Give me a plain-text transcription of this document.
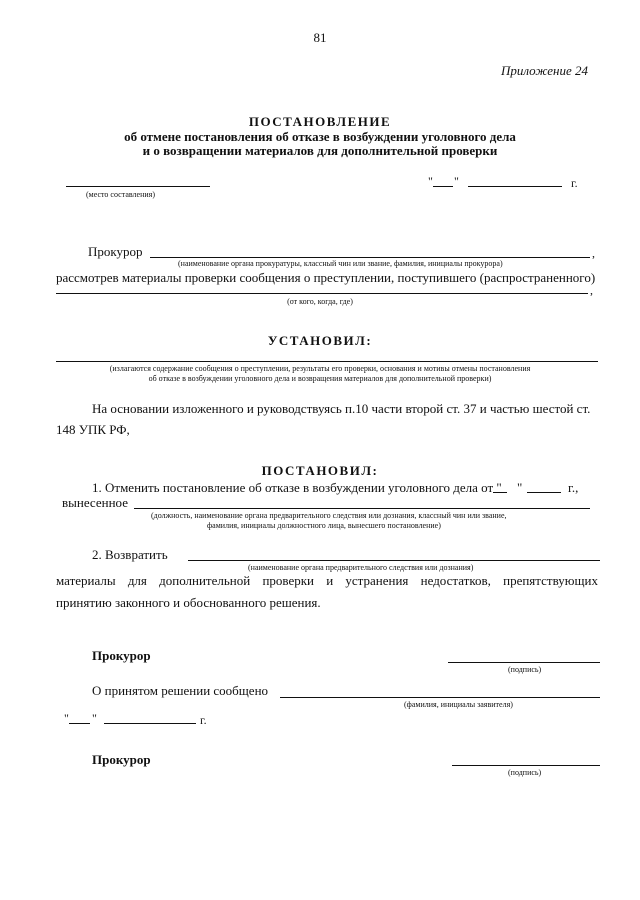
81
Приложение 24
ПОСТАНОВЛЕНИЕ
об отмене постановления об отказе в возбуждении уголовного дела
и о возвращении материалов для дополнительной проверки
(место составления)
" "	г.
Прокурор	,
(наименование органа прокуратуры, классный чин или звание, фамилия, инициалы прокурора)
рассмотрев материалы проверки сообщения о преступлении, поступившего (распространенного)
,
(от кого, когда, где)
УСТАНОВИЛ:
(излагаются содержание сообщения о преступлении, результаты его проверки, основания и мотивы отмены постановления
об отказе в возбуждении уголовного дела и возвращения материалов для дополнительной проверки)
На основании изложенного и руководствуясь п.10 части второй ст. 37 и частью шестой ст.
148 УПК РФ,
ПОСТАНОВИЛ:
1. Отменить постановление об отказе в возбуждении уголовного дела от " "	г.,
вынесенное
(должность, наименование органа предварительного следствия или дознания, классный чин или звание,
фамилия, инициалы должностного лица, вынесшего постановление)
2. Возвратить
(наименование органа предварительного следствия или дознания)
материалы для дополнительной проверки и устранения недостатков, препятствующих
принятию законного и обоснованного решения.
Прокурор
(подпись)
О принятом решении сообщено
(фамилия, инициалы заявителя)
" "	г.
Прокурор
(подпись)
